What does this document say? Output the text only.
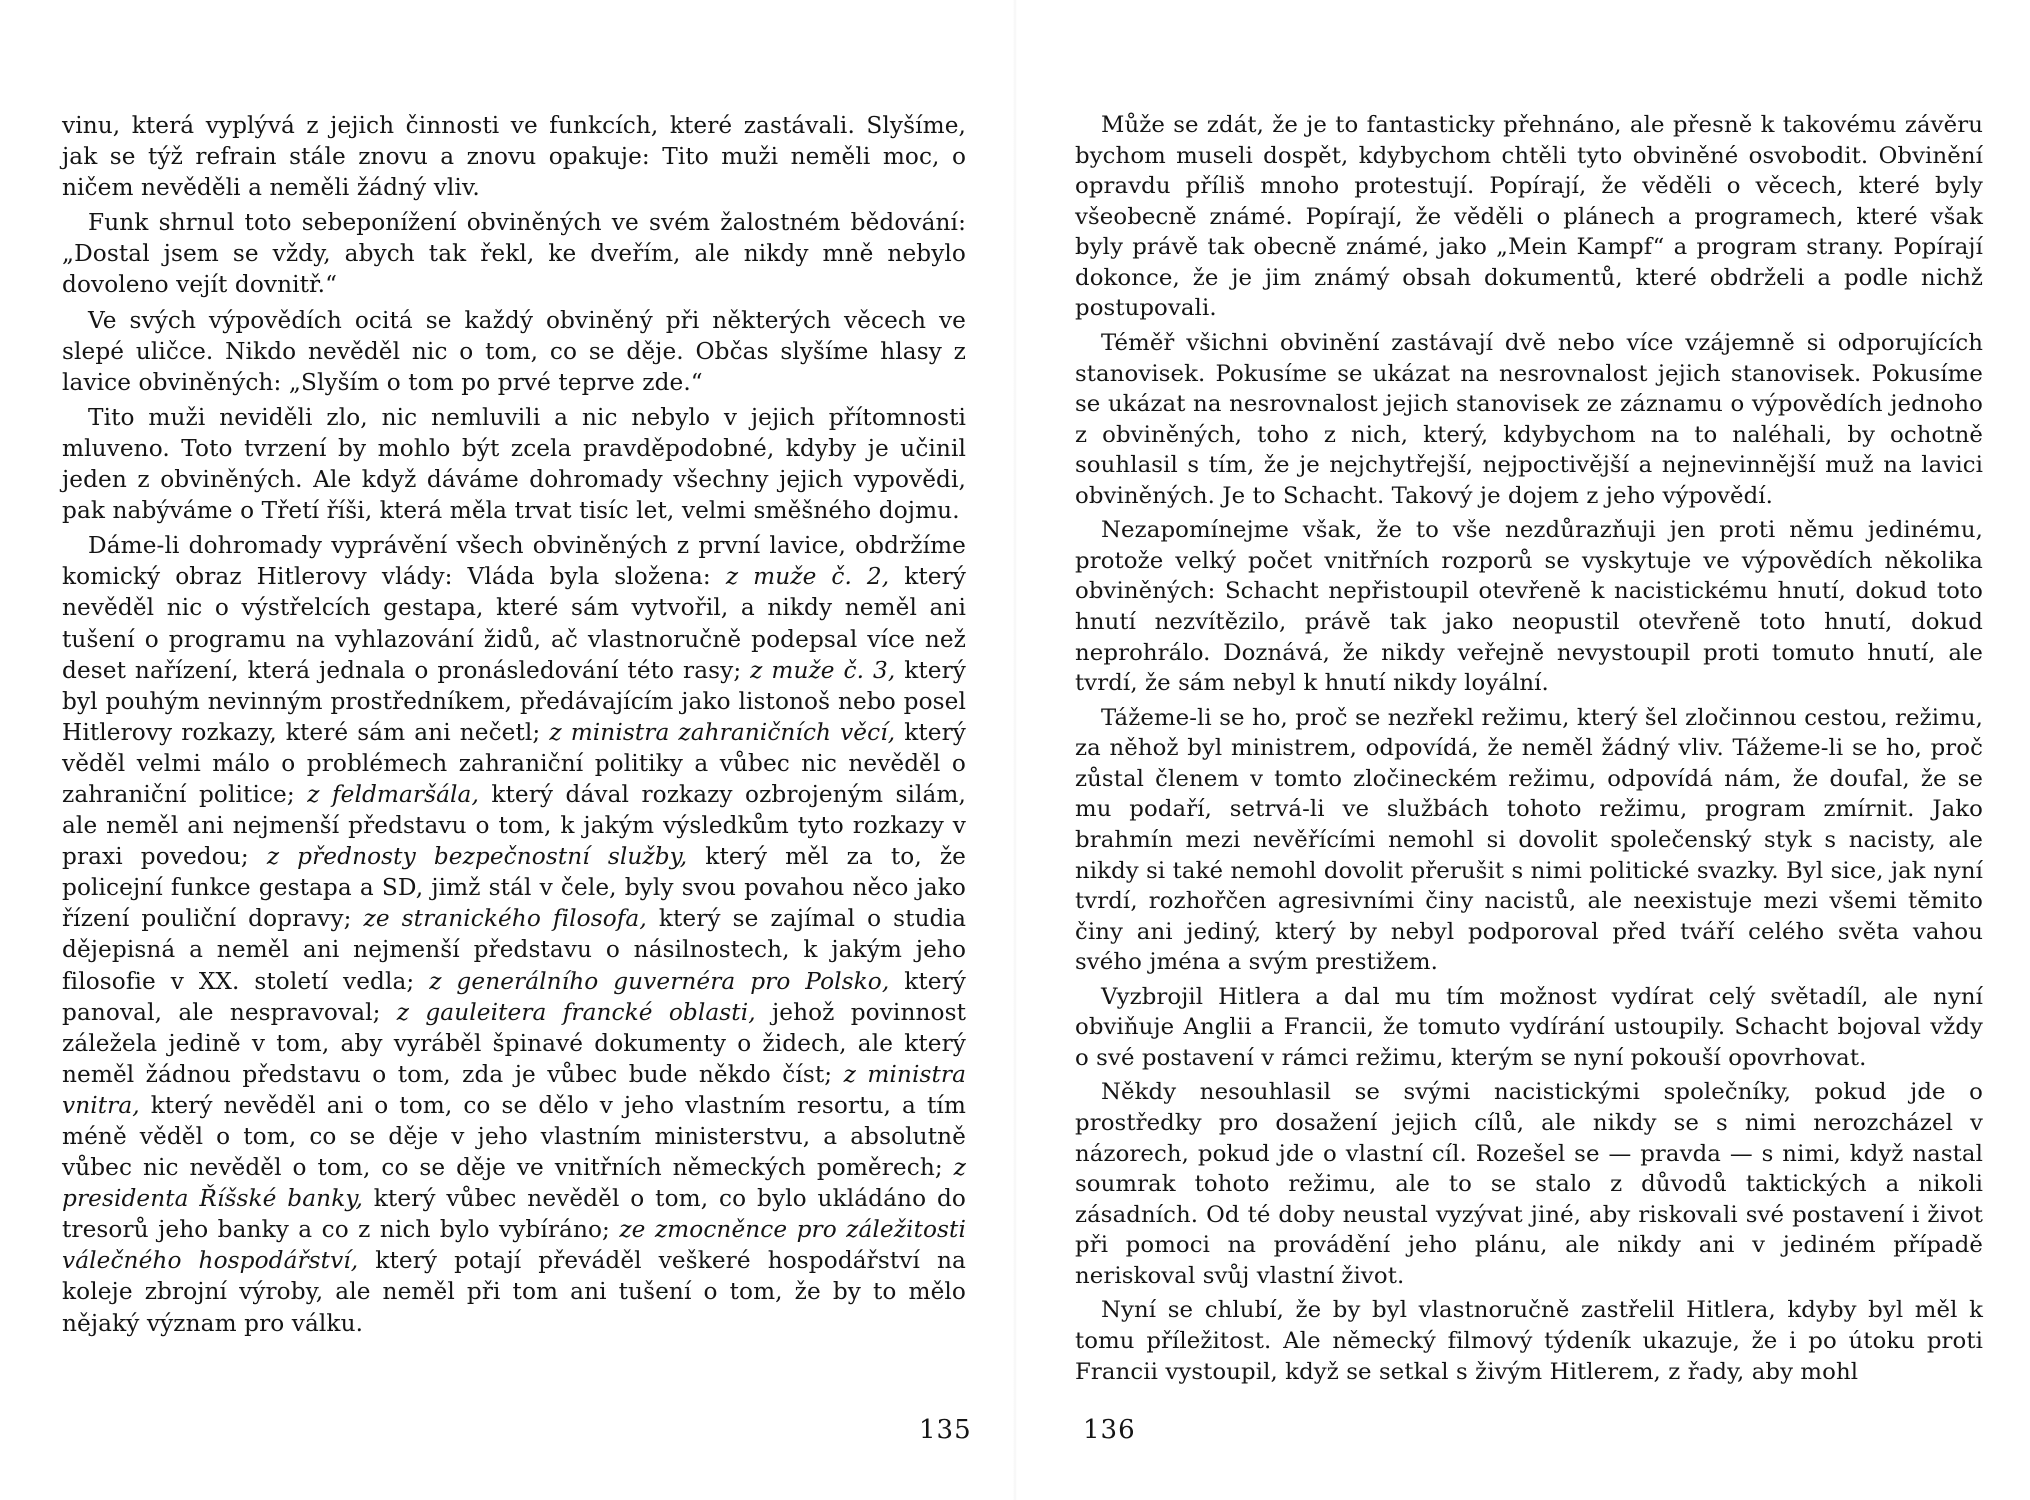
vinu, která vyplývá z jejich činnosti ve funkcích, které zastávali. Slyšíme, jak se týž refrain stále znovu a znovu opakuje: Tito muži neměli moc, o ničem nevěděli a neměli žádný vliv.

Funk shrnul toto sebeponížení obviněných ve svém žalostném bědování: „Dostal jsem se vždy, abych tak řekl, ke dveřím, ale nikdy mně nebylo dovoleno vejít dovnitř.“

Ve svých výpovědích ocitá se každý obviněný při některých věcech ve slepé uličce. Nikdo nevěděl nic o tom, co se děje. Občas slyšíme hlasy z lavice obviněných: „Slyším o tom po prvé teprve zde.“

Tito muži neviděli zlo, nic nemluvili a nic nebylo v jejich přítomnosti mluveno. Toto tvrzení by mohlo být zcela pravděpodobné, kdyby je učinil jeden z obviněných. Ale když dáváme dohromady všechny jejich vypovědi, pak nabýváme o Třetí říši, která měla trvat tisíc let, velmi směšného dojmu.

Dáme-li dohromady vyprávění všech obviněných z první lavice, obdržíme komický obraz Hitlerovy vlády: Vláda byla složena: z muže č. 2, který nevěděl nic o výstřelcích gestapa, které sám vytvořil, a nikdy neměl ani tušení o programu na vyhlazování židů, ač vlastnoručně podepsal více než deset nařízení, která jednala o pronásledování této rasy; z muže č. 3, který byl pouhým nevinným prostředníkem, předávajícím jako listonoš nebo posel Hitlerovy rozkazy, které sám ani nečetl; z ministra zahraničních věcí, který věděl velmi málo o problémech zahraniční politiky a vůbec nic nevěděl o zahraniční politice; z feldmaršála, který dával rozkazy ozbrojeným silám, ale neměl ani nejmenší představu o tom, k jakým výsledkům tyto rozkazy v praxi povedou; z přednosty bezpečnostní služby, který měl za to, že policejní funkce gestapa a SD, jimž stál v čele, byly svou povahou něco jako řízení pouliční dopravy; ze stranického filosofa, který se zajímal o studia dějepisná a neměl ani nejmenší představu o násilnostech, k jakým jeho filosofie v XX. století vedla; z generálního guvernéra pro Polsko, který panoval, ale nespravoval; z gauleitera francké oblasti, jehož povinnost záležela jedině v tom, aby vyráběl špinavé dokumenty o židech, ale který neměl žádnou představu o tom, zda je vůbec bude někdo číst; z ministra vnitra, který nevěděl ani o tom, co se dělo v jeho vlastním resortu, a tím méně věděl o tom, co se děje v jeho vlastním ministerstvu, a absolutně vůbec nic nevěděl o tom, co se děje ve vnitřních německých poměrech; z presidenta Říšské banky, který vůbec nevěděl o tom, co bylo ukládáno do tresorů jeho banky a co z nich bylo vybíráno; ze zmocněnce pro záležitosti válečného hospodářství, který potají převáděl veškeré hospodářství na koleje zbrojní výroby, ale neměl při tom ani tušení o tom, že by to mělo nějaký význam pro válku.

135

Může se zdát, že je to fantasticky přehnáno, ale přesně k takovému závěru bychom museli dospět, kdybychom chtěli tyto obviněné osvobodit. Obvinění opravdu příliš mnoho protestují. Popírají, že věděli o věcech, které byly všeobecně známé. Popírají, že věděli o plánech a programech, které však byly právě tak obecně známé, jako „Mein Kampf“ a program strany. Popírají dokonce, že je jim známý obsah dokumentů, které obdrželi a podle nichž postupovali.

Téměř všichni obvinění zastávají dvě nebo více vzájemně si odporujících stanovisek. Pokusíme se ukázat na nesrovnalost jejich stanovisek. Pokusíme se ukázat na nesrovnalost jejich stanovisek ze záznamu o výpovědích jednoho z obviněných, toho z nich, který, kdybychom na to naléhali, by ochotně souhlasil s tím, že je nejchytřejší, nejpoctivější a nejnevinnější muž na lavici obviněných. Je to Schacht. Takový je dojem z jeho výpovědí.

Nezapomínejme však, že to vše nezdůrazňuji jen proti němu jedinému, protože velký počet vnitřních rozporů se vyskytuje ve výpovědích několika obviněných: Schacht nepřistoupil otevřeně k nacistickému hnutí, dokud toto hnutí nezvítězilo, právě tak jako neopustil otevřeně toto hnutí, dokud neprohrálo. Doznává, že nikdy veřejně nevystoupil proti tomuto hnutí, ale tvrdí, že sám nebyl k hnutí nikdy loyální.

Tážeme-li se ho, proč se nezřekl režimu, který šel zločinnou cestou, režimu, za něhož byl ministrem, odpovídá, že neměl žádný vliv. Tážeme-li se ho, proč zůstal členem v tomto zločineckém režimu, odpovídá nám, že doufal, že se mu podaří, setrvá-li ve službách tohoto režimu, program zmírnit. Jako brahmín mezi nevěřícími nemohl si dovolit společenský styk s nacisty, ale nikdy si také nemohl dovolit přerušit s nimi politické svazky. Byl sice, jak nyní tvrdí, rozhořčen agresivními činy nacistů, ale neexistuje mezi všemi těmito činy ani jediný, který by nebyl podporoval před tváří celého světa vahou svého jména a svým prestižem.

Vyzbrojil Hitlera a dal mu tím možnost vydírat celý světadíl, ale nyní obviňuje Anglii a Francii, že tomuto vydírání ustoupily. Schacht bojoval vždy o své postavení v rámci režimu, kterým se nyní pokouší opovrhovat.

Někdy nesouhlasil se svými nacistickými společníky, pokud jde o prostředky pro dosažení jejich cílů, ale nikdy se s nimi nerozcházel v názorech, pokud jde o vlastní cíl. Rozešel se — pravda — s nimi, když nastal soumrak tohoto režimu, ale to se stalo z důvodů taktických a nikoli zásadních. Od té doby neustal vyzývat jiné, aby riskovali své postavení i život při pomoci na provádění jeho plánu, ale nikdy ani v jediném případě neriskoval svůj vlastní život.

Nyní se chlubí, že by byl vlastnoručně zastřelil Hitlera, kdyby byl měl k tomu příležitost. Ale německý filmový týdeník ukazuje, že i po útoku proti Francii vystoupil, když se setkal s živým Hitlerem, z řady, aby mohl

136
